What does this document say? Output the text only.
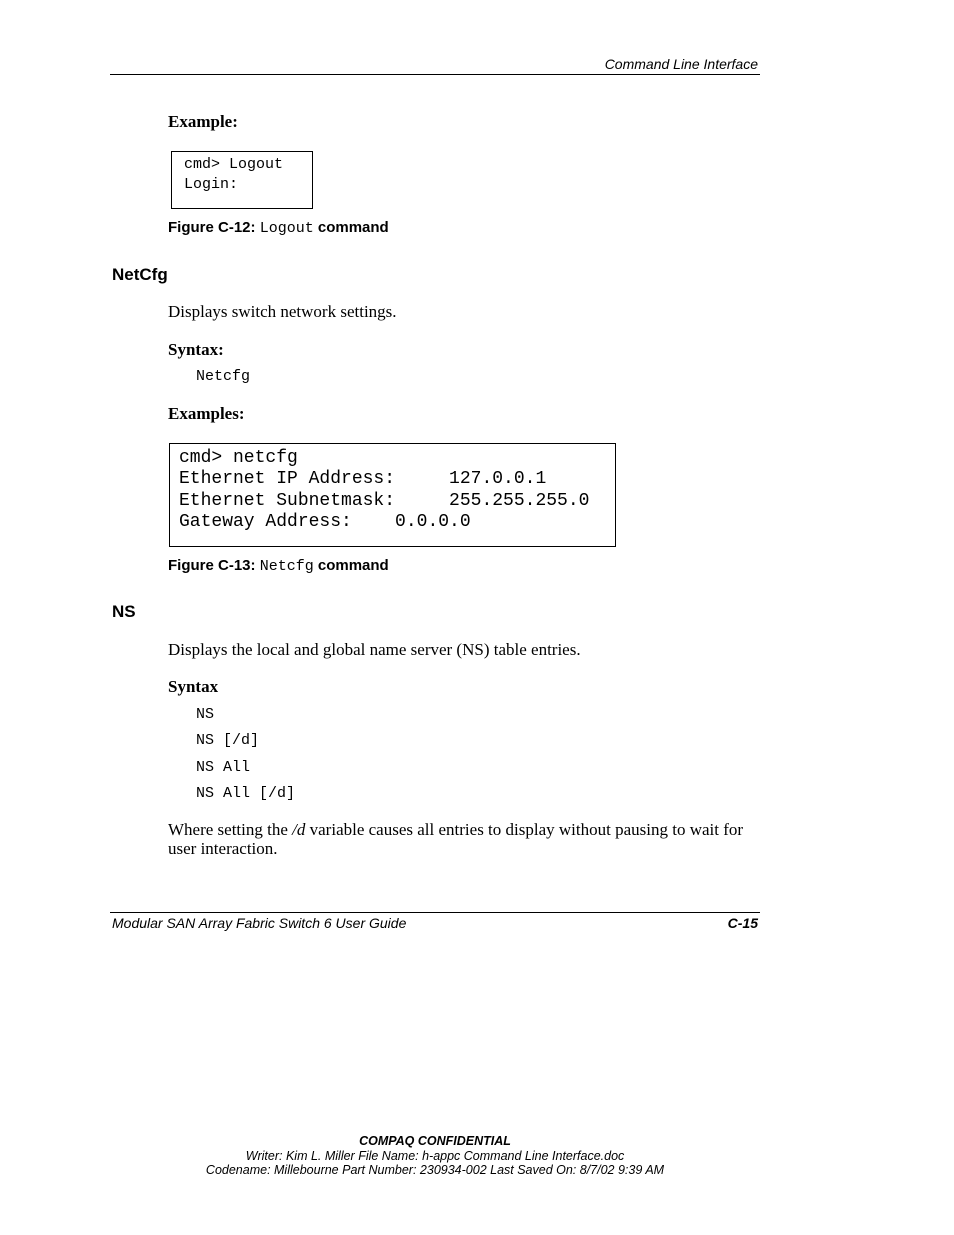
Command Line Interface
Example:
cmd> Logout
Login:
Figure C-12: Logout command
NetCfg
Displays switch network settings.
Syntax:
Netcfg
Examples:
cmd> netcfg
Ethernet IP Address:     127.0.0.1
Ethernet Subnetmask:     255.255.255.0
Gateway Address:    0.0.0.0
Figure C-13: Netcfg command
NS
Displays the local and global name server (NS) table entries.
Syntax
NS
NS [/d]
NS All
NS All [/d]
Where setting the /d variable causes all entries to display without pausing to wait for
user interaction.
Modular SAN Array Fabric Switch 6 User Guide	C-15
COMPAQ CONFIDENTIAL
Writer: Kim L. Miller File Name: h-appc Command Line Interface.doc
Codename: Millebourne Part Number: 230934-002 Last Saved On: 8/7/02 9:39 AM
